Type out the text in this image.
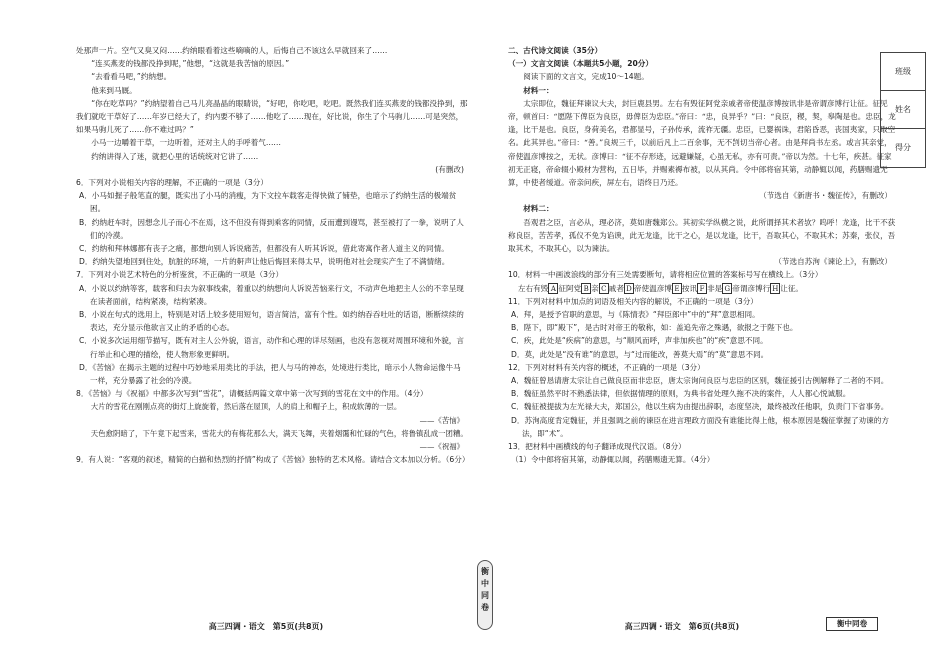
处那声一片。空气又臭又闷……约纳眼看着这些嘀嘀的人，后悔自己不该这么早就回来了……

“连买燕麦的钱都没挣到呢，”他想，“这就是我苦恼的原因。”

“去看看马吧，”约纳想。

他来到马厩。

“你在吃草吗？”约纳望着自己马儿亮晶晶的眼睛说，“好吧，你吃吧，吃吧。既然我们连买燕麦的钱都没挣到，那我们就吃干草好了……年岁已经大了，约内要不够了……他吃了……现在，好比说，你生了个马驹儿……可是突然，如果马驹儿死了……你不难过吗？”

小马一边嚼着干草，一边听着，还对主人的手呼着气……

约纳讲得入了迷，就把心里的话统统对它讲了……

(有删改)

6．下列对小说相关内容的理解，不正确的一项是（3分）

A．小马如握子般笔直的腿，既实出了小马的消瘦，为下文拉车载客走得快做了铺垫，也暗示了约纳生活的极端贫困。

B．约纳赶车时，因想念儿子而心不在焉，这不但没有得到乘客的同情，反而遭到谩骂，甚至被打了一拳，说明了人们的冷漠。

C．约纳和拜林娜都有丧子之痛，都想向别人诉说痛苦，但都没有人听其诉说，借此寄寓作者人道主义的同情。

D．约纳失望地回到住处，肮脏的环境，一片的鼾声让他后悔回来得太早，说明他对社会现实产生了不满情绪。

7．下列对小说艺术特色的分析鉴赏，不正确的一项是（3分）

A．小说以约纳等客，载客和归去为叙事线索，着重以约纳想向人诉说苦恼来行文，不动声色地把主人公的不幸呈现在读者面前，结构紧凑，结构紧凑。

B．小说在句式的选用上，特别是对话上较多使用短句，语言简洁，富有个性。如约纳吞吞吐吐的话语，断断续续的表达，充分显示他欲言又止的矛盾的心态。

C．小说多次运用细节描写，既有对主人公外貌，语言，动作和心理的详尽刻画，也没有忽视对周围环境和外貌，言行举止和心理的描绘，使人物形象更鲜明。

D．《苦恼》在揭示主题的过程中巧妙地采用类比的手法，把人与马的神态，处境进行类比，暗示小人物命运像牛马一样，充分暴露了社会的冷漠。

8．《苦恼》与《祝福》中都多次写到“雪花”，请概括两篇文章中第一次写到的雪花在文中的作用。（4分）

大片的雪花在刚刚点亮的街灯上旋旋着，然后落在屋顶，人的肩上和帽子上，积成软薄的一层。

——《苦恼》

天色愈阴暗了，下午竟下起雪来，雪花大的有梅花那么大，满天飞舞，夹着烟霭和忙碌的气色，将鲁镇乱成一团糟。

——《祝福》

9．有人说：“客观的叙述，精简的白描和热烈的抒情”构成了《苦恼》独特的艺术风格。请结合文本加以分析。（6分）

高三四调・语文　第5页(共8页)
衡
中
同
卷

二、古代诗文阅读（35分）

（一）文言文阅读（本题共5小题，20分）

阅读下面的文言文，完成10～14题。

材料一：

太宗即位，魏征拜谏议大夫，封巨鹿县男。左右有毁征阿党亲戚者帝使温彦博按讯非是帝谓彦博行让征。征见帝，顿首曰：“愿陛下俾臣为良臣，毋俾臣为忠臣。”帝曰：“忠，良异乎？”曰：“良臣，稷，契，皋陶是也。忠臣，龙逢，比干是也。良臣，身荷美名，君都显号，子孙传承，流祚无疆。忠臣，已婴祸诛，君陷昏恶，丧国夷家，只取空名。此其异也。”帝曰：“善。”良规三千，以前后凡上二百余事，无不剀切当帝心者。由是拜尚书左丞。或言其亲党，帝使温彦博按之，无状。彦博曰：“征不存形迹，远避嫌疑，心虽无私，亦有可责。”帝以为然。十七年，疾甚。征家初无正寝，帝命辍小殿材为营构，五日毕，并赐素褥布被，以从其尚。令中郎将宿其第，动静辄以闻，药膳赐遗无算，中使者缓道。帝亲问疾，屏左右，语终日乃还。

（节选自《新唐书・魏征传》，有删改）

材料二：

吾观君之臣，言必从，理必济，莫如唐魏郑公。其初实学纵横之说，此所谓择其术者欤？呜呼！龙逢，比干不获称良臣，苦苦孝，孤仪不免为谄谀，此无龙逢，比干之心，是以龙逢，比干，吾取其心，不取其术；苏秦，张仪，吾取其术，不取其心，以为谏法。

（节选自苏洵《谏论上》，有删改）

10．材料一中画波浪线的部分有三处需要断句，请将相应位置的答案标号写在横线上。（3分）

左右有毁 A 征阿党 B 亲 C 戚者 D 帝使温彦博 E 按讯 F 非是 G 帝谓彦博行 H 让征。

11．下列对材料中加点的词语及相关内容的解说，不正确的一项是（3分）

A．拜，是授予官职的意思，与《陈情表》“拜臣郎中”中的“拜”意思相同。

B．陛下，即“殿下”，是古时对帝王的敬称，如：盖追先帝之殊遇，欲报之于陛下也。

C．疾，此处是“疾病”的意思，与“顺风而呼，声非加疾也”的“疾”意思不同。

D．莫，此处是“没有谁”的意思，与“过而能改，善莫大焉”的“莫”意思不同。

12．下列对材料有关内容的概述，不正确的一项是（3分）

A．魏征曾恳请唐太宗让自己做良臣而非忠臣，唐太宗询问良臣与忠臣的区别，魏征援引古例解释了二者的不同。

B．魏征虽然平时不熟悉法律，但依据情理的原则，为典书省处理久拖不决的案件，人人都心悦诚服。

C．魏征被提拔为左光禄大夫，郑国公，他以生病为由提出辞职，态度坚决，最终被改任他职，负责门下省事务。

D．苏洵高度肯定魏征，并且强调之前的谏臣在进言理政方面没有谁能比得上他，根本原因是魏征掌握了劝谏的方法，即“术”。

13．把材料中画横线的句子翻译成现代汉语。（8分）

（1）令中郎将宿其第，动静辄以闻，药膳赐遗无算。（4分）

高三四调・语文　第6页(共8页)	衡中同卷
班级
姓名
得分
